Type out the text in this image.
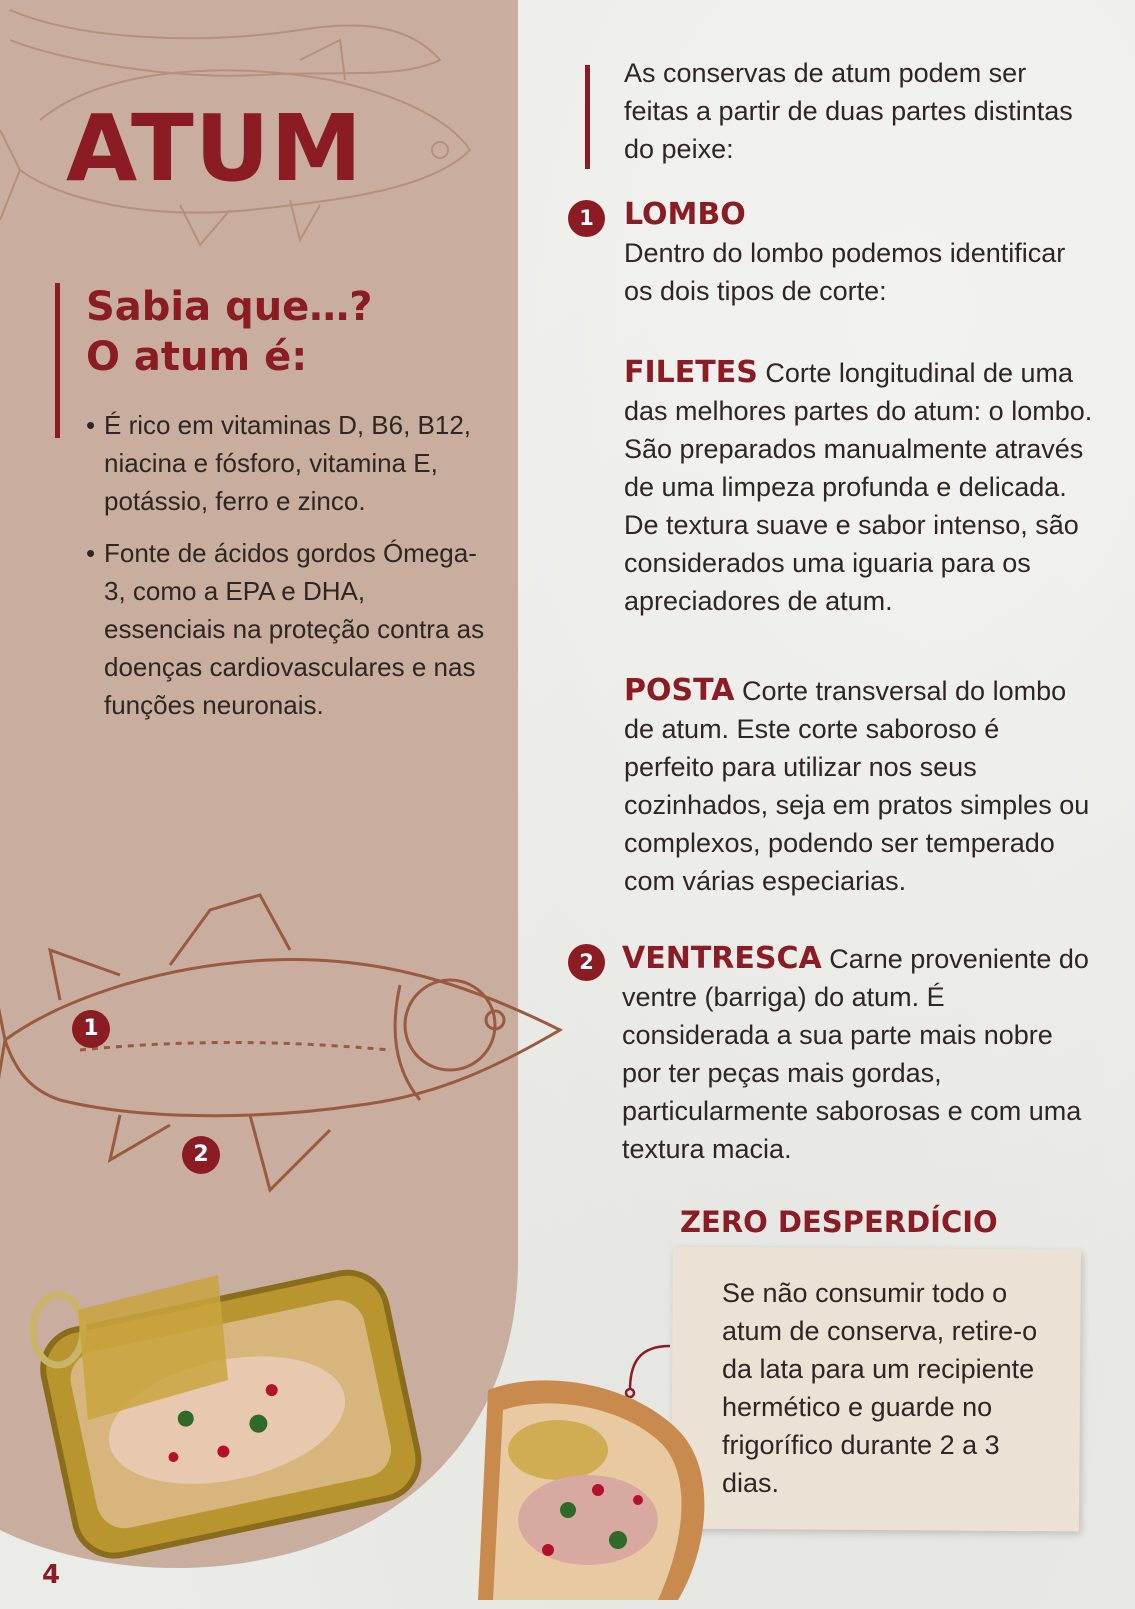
ATUM
Sabia que…?
O atum é:
• É rico em vitaminas D, B6, B12, niacina e fósforo, vitamina E, potássio, ferro e zinco.
• Fonte de ácidos gordos Ómega-3, como a EPA e DHA, essenciais na proteção contra as doenças cardiovasculares e nas funções neuronais.
1
2
4
As conservas de atum podem ser feitas a partir de duas partes distintas do peixe:
1	LOMBO
Dentro do lombo podemos identificar os dois tipos de corte:
FILETES Corte longitudinal de uma das melhores partes do atum: o lombo. São preparados manualmente através de uma limpeza profunda e delicada. De textura suave e sabor intenso, são considerados uma iguaria para os apreciadores de atum.
POSTA Corte transversal do lombo de atum. Este corte saboroso é perfeito para utilizar nos seus cozinhados, seja em pratos simples ou complexos, podendo ser temperado com várias especiarias.
2 VENTRESCA Carne proveniente do ventre (barriga) do atum. É considerada a sua parte mais nobre por ter peças mais gordas, particularmente saborosas e com uma textura macia.
ZERO DESPERDÍCIO
Se não consumir todo o atum de conserva, retire-o da lata para um recipiente hermético e guarde no frigorífico durante 2 a 3 dias.
